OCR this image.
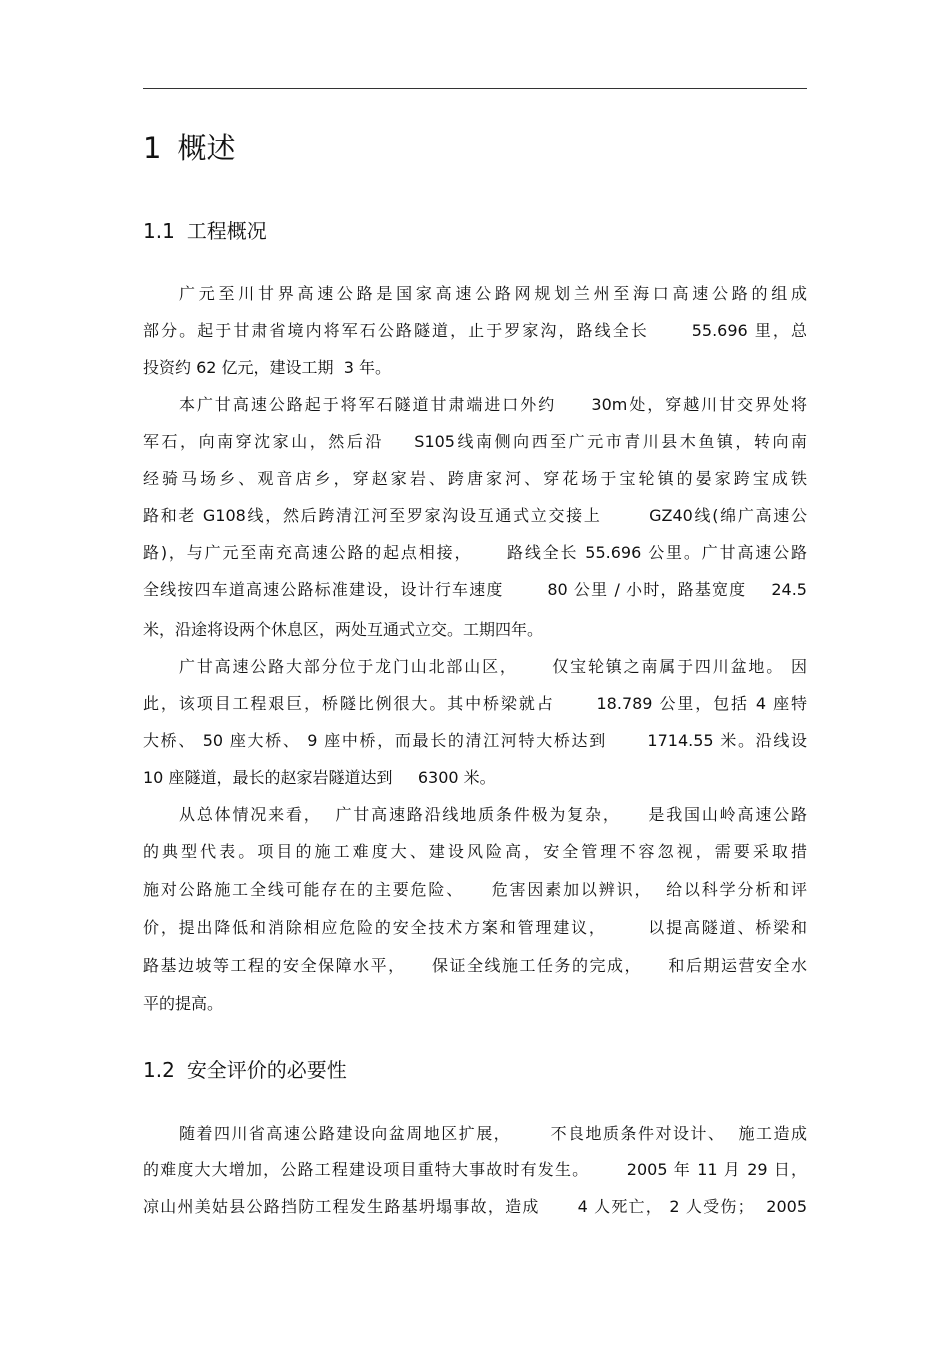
1 概述
1.1 工程概况
广元至川甘界高速公路是国家高速公路网规划兰州至海口高速公路的组成
部分。起于甘肃省境内将军石公路隧道，止于罗家沟，路线全长      55.696 里，总
投资约 62 亿元，建设工期  3 年。
本广甘高速公路起于将军石隧道甘肃端进口外约     30m处，穿越川甘交界处将
军石，向南穿沈家山，然后沿    S105线南侧向西至广元市青川县木鱼镇，转向南
经骑马场乡、观音店乡，穿赵家岩、跨唐家河、穿花场于宝轮镇的晏家跨宝成铁
路和老 G108线，然后跨清江河至罗家沟设互通式立交接上       GZ40线(绵广高速公
路)，与广元至南充高速公路的起点相接，     路线全长 55.696 公里。广甘高速公路
全线按四车道高速公路标准建设，设计行车速度       80 公里 / 小时，路基宽度    24.5
米，沿途将设两个休息区，两处互通式立交。工期四年。
广甘高速公路大部分位于龙门山北部山区，     仅宝轮镇之南属于四川盆地。 因
此，该项目工程艰巨，桥隧比例很大。其中桥梁就占      18.789 公里，包括 4 座特
大桥、 50 座大桥、 9 座中桥，而最长的清江河特大桥达到      1714.55 米。沿线设
10 座隧道，最长的赵家岩隧道达到     6300 米。
从总体情况来看，  广甘高速路沿线地质条件极为复杂，    是我国山岭高速公路
的典型代表。项目的施工难度大、建设风险高，安全管理不容忽视，需要采取措
施对公路施工全线可能存在的主要危险、    危害因素加以辨识，  给以科学分析和评
价，提出降低和消除相应危险的安全技术方案和管理建议，      以提高隧道、桥梁和
路基边坡等工程的安全保障水平，    保证全线施工任务的完成，    和后期运营安全水
平的提高。
1.2 安全评价的必要性
随着四川省高速公路建设向盆周地区扩展，      不良地质条件对设计、  施工造成
的难度大大增加，公路工程建设项目重特大事故时有发生。      2005 年 11 月 29 日，
凉山州美姑县公路挡防工程发生路基坍塌事故，造成      4 人死亡， 2 人受伤；  2005
